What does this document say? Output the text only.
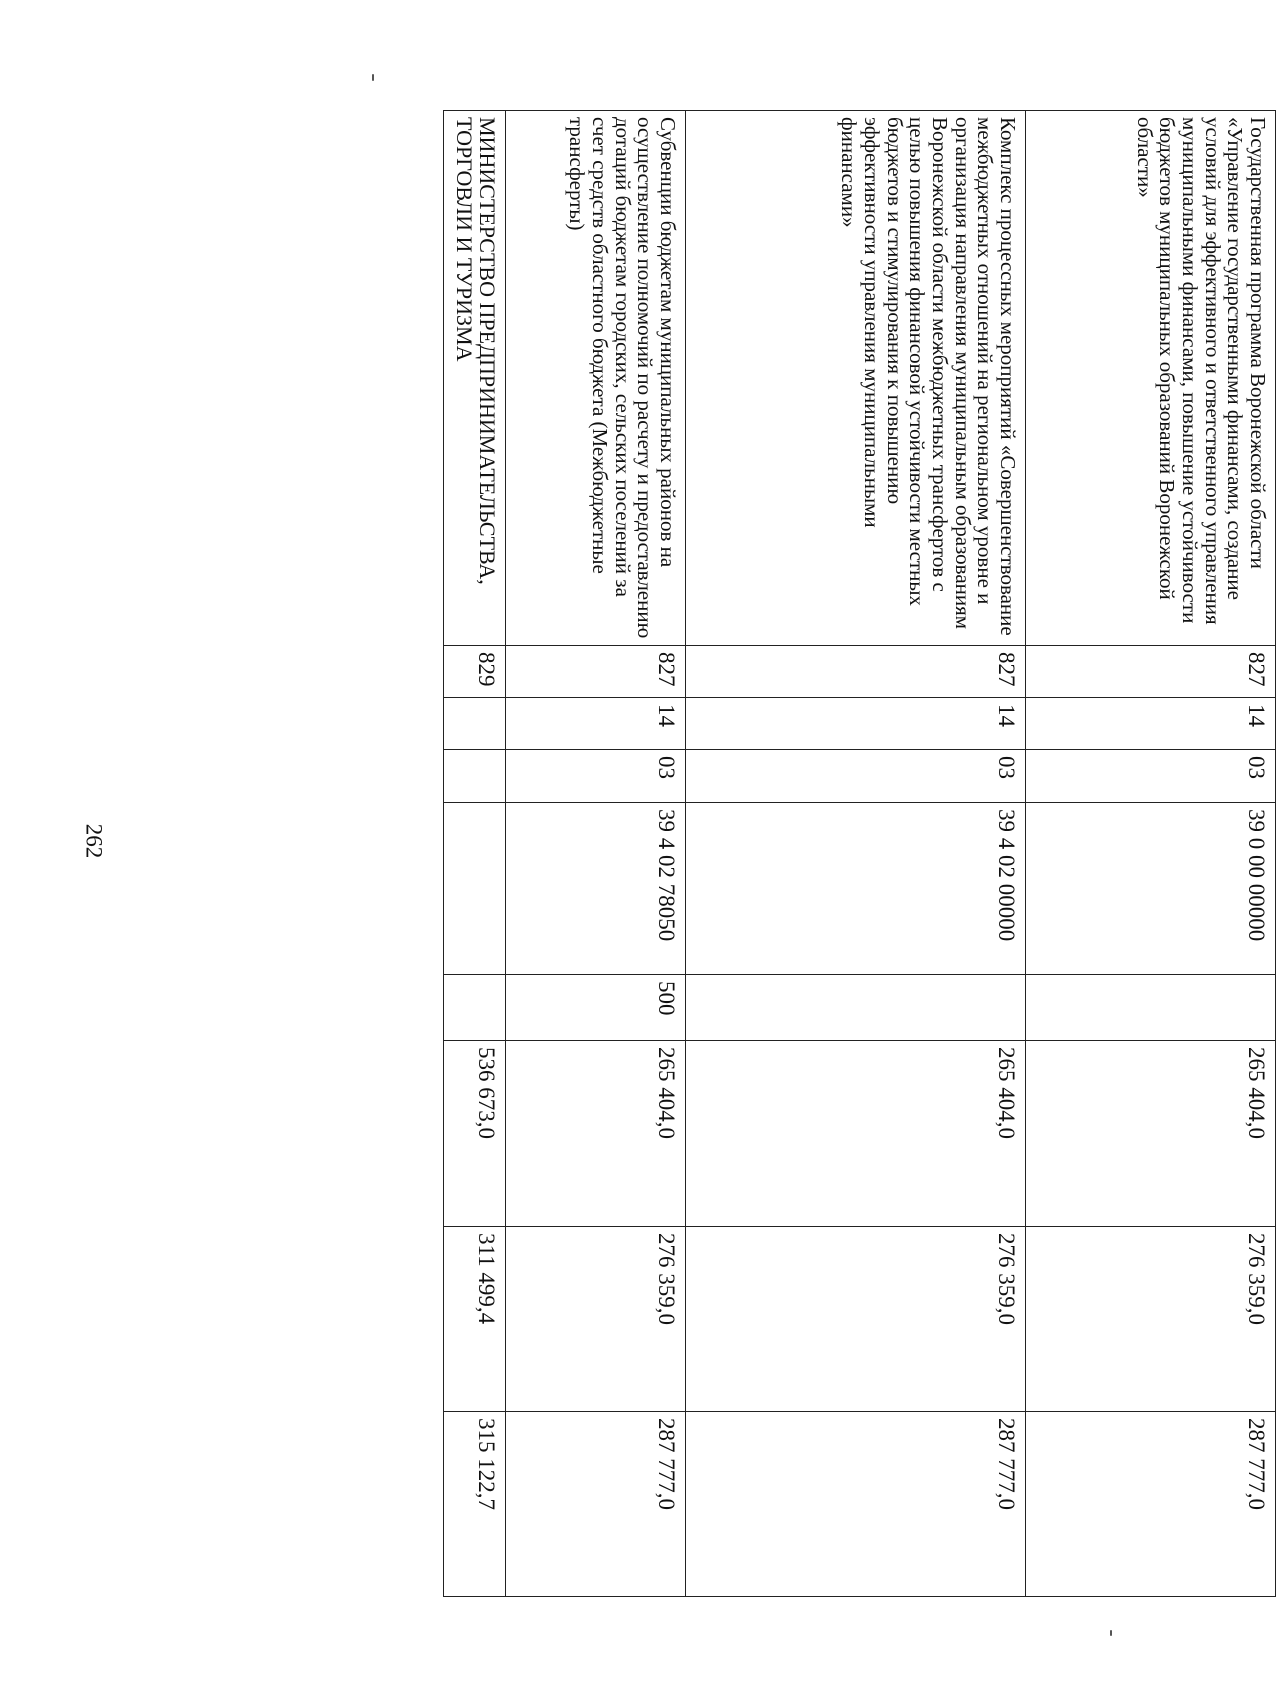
262
Государственная программа Воронежской области «Управление государственными финансами, создание условий для эффективного и ответственного управления муниципальными финансами, повышение устойчивости бюджетов муниципальных образований Воронежской области»	827	14	03	39 0 00 00000		265 404,0	276 359,0	287 777,0
Комплекс процессных мероприятий «Совершенствование межбюджетных отношений на региональном уровне и организация направления муниципальным образованиям Воронежской области межбюджетных трансфертов с целью повышения финансовой устойчивости местных бюджетов и стимулирования к повышению эффективности управления муниципальными финансами»	827	14	03	39 4 02 00000		265 404,0	276 359,0	287 777,0
Субвенции бюджетам муниципальных районов на осуществление полномочий по расчету и предоставлению дотаций бюджетам городских, сельских поселений за счет средств областного бюджета (Межбюджетные трансферты)	827	14	03	39 4 02 78050	500	265 404,0	276 359,0	287 777,0
МИНИСТЕРСТВО ПРЕДПРИНИМАТЕЛЬСТВА, ТОРГОВЛИ И ТУРИЗМА	829					536 673,0	311 499,4	315 122,7
